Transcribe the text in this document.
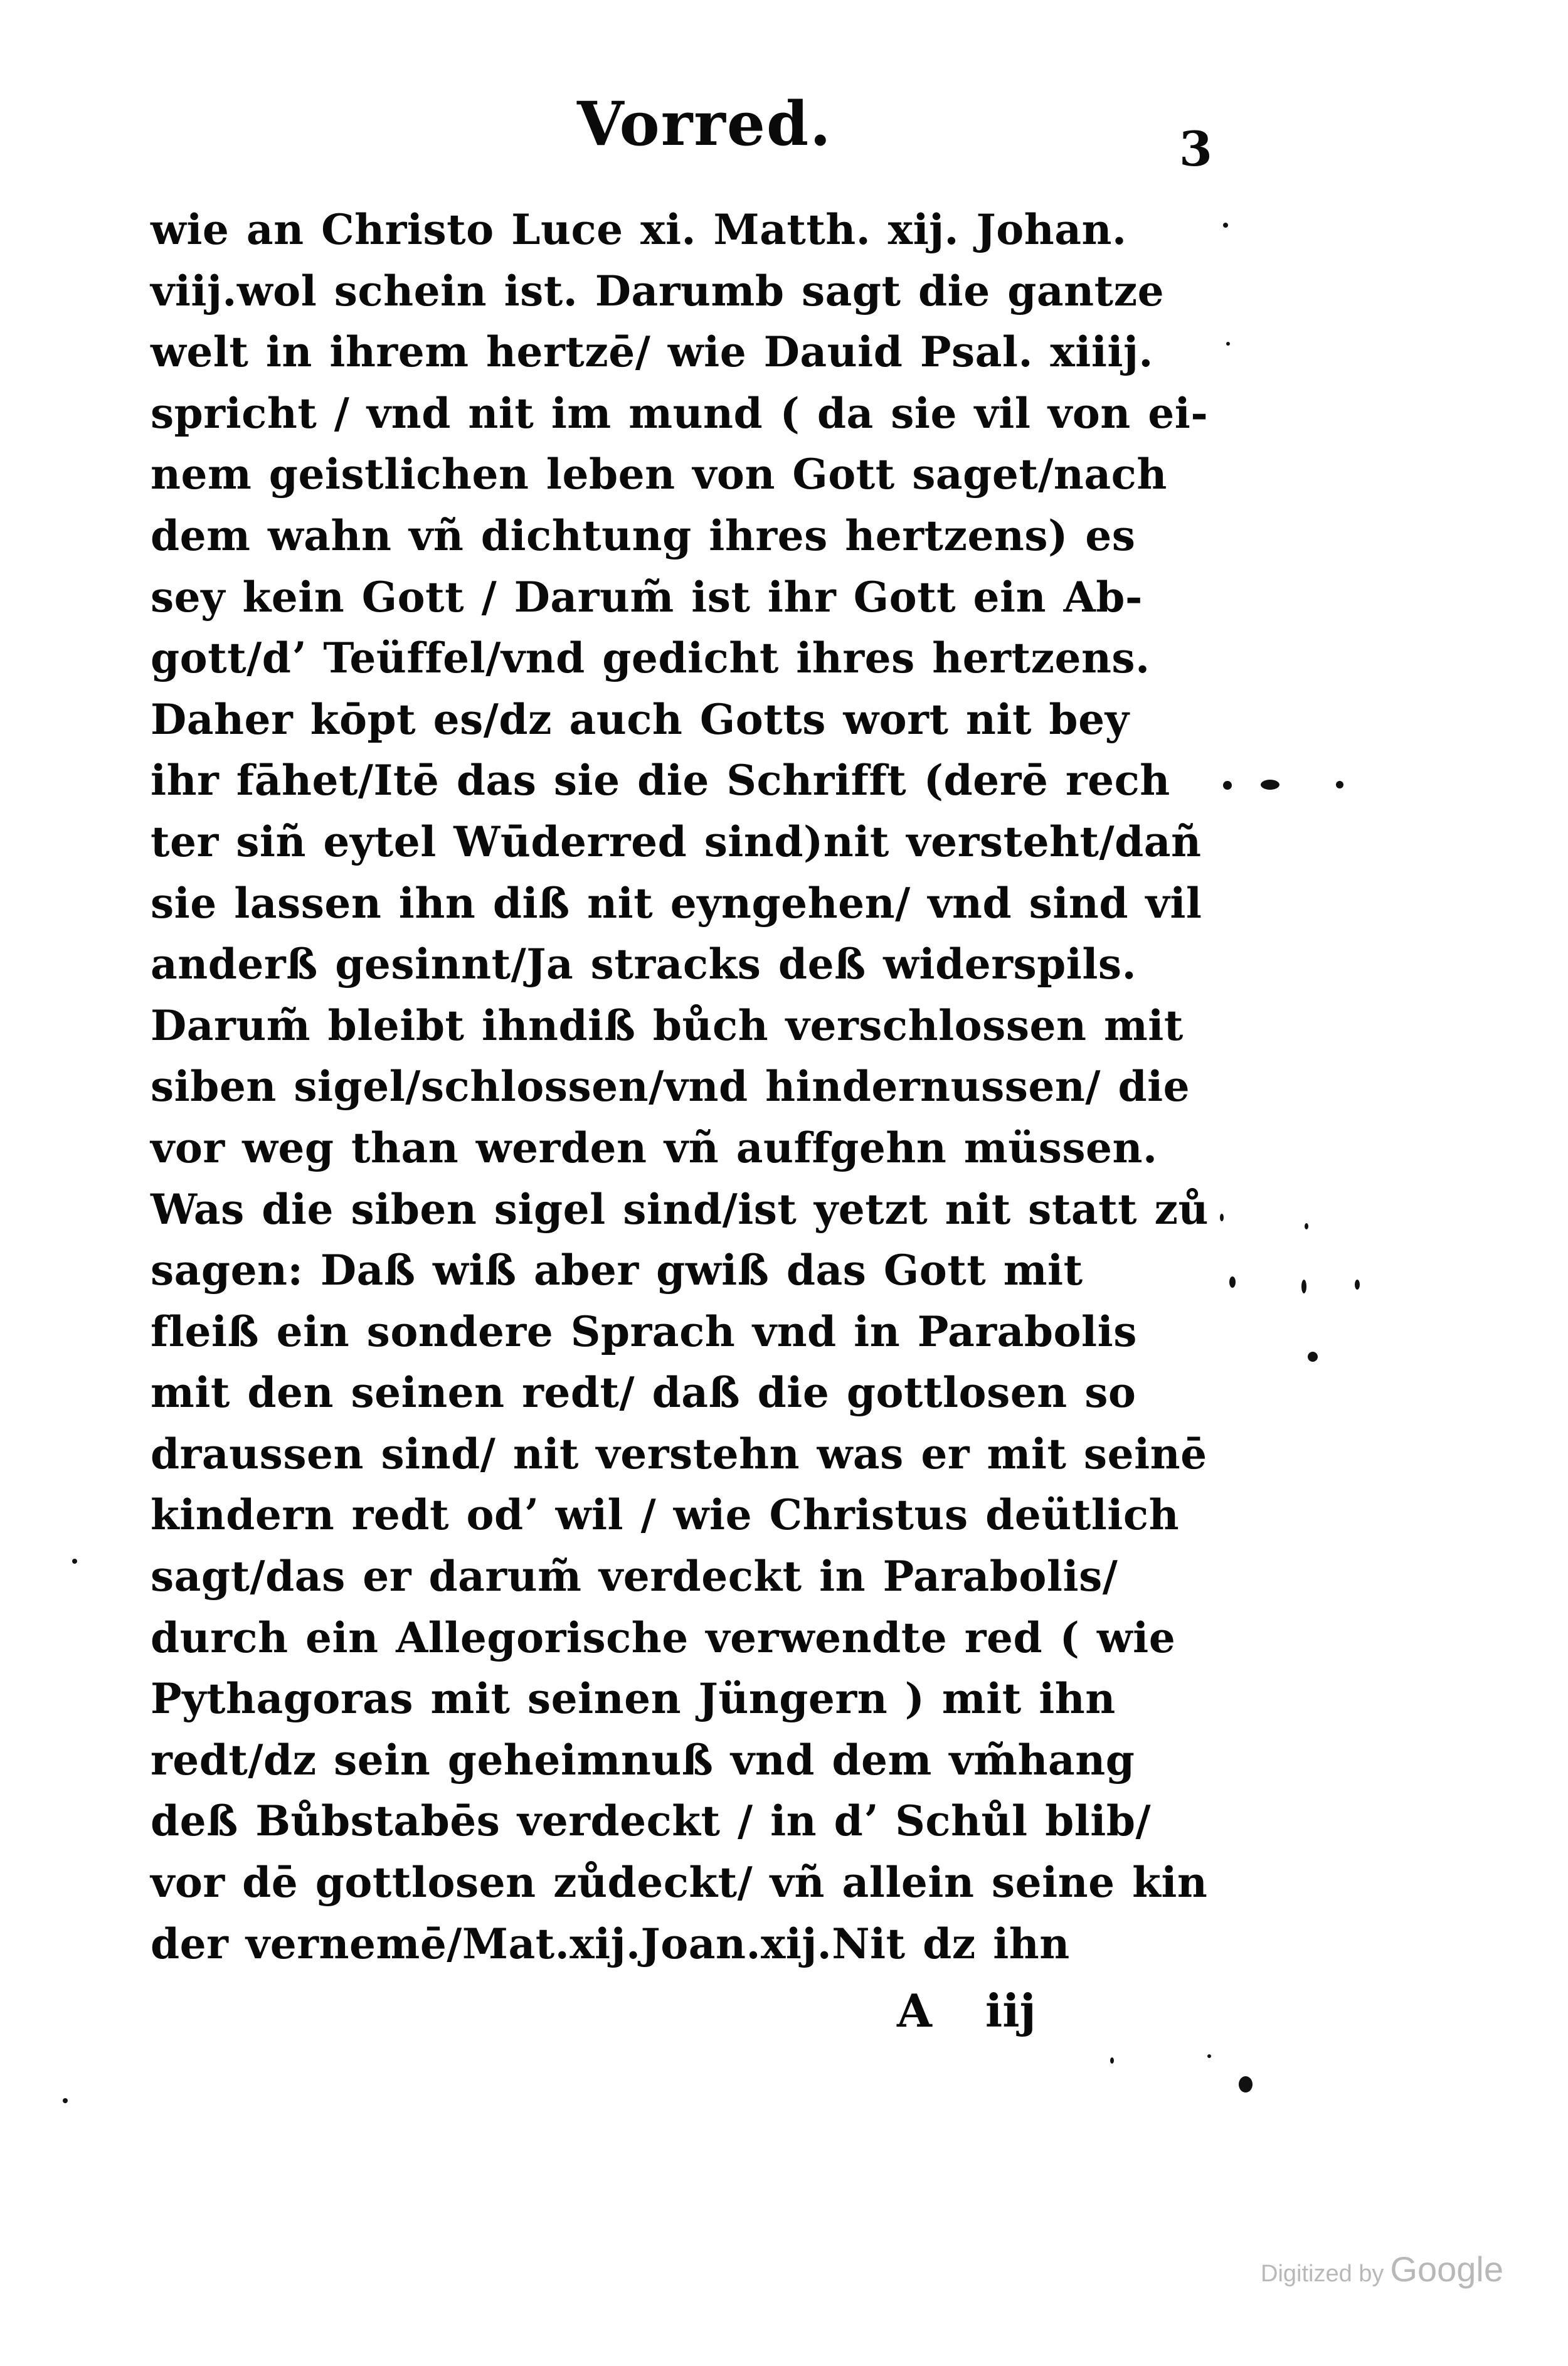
Vorred.	3
wie an Christo Luce xi. Matth. xij. Johan.
viij.wol schein ist. Darumb sagt die gantze
welt in ihrem hertzē/ wie Dauid Psal. xiiij.
spricht / vnd nit im mund ( da sie vil von ei-
nem geistlichen leben von Gott saget/nach
dem wahn vñ dichtung ihres hertzens) es
sey kein Gott / Darum̃ ist ihr Gott ein Ab-
gott/dʼ Teüffel/vnd gedicht ihres hertzens.
Daher kōpt es/dz auch Gotts wort nit bey
ihr fāhet/Itē das sie die Schrifft (derē rech
ter siñ eytel Wūderred sind)nit versteht/dañ
sie lassen ihn diß nit eyngehen/ vnd sind vil
anderß gesinnt/Ja stracks deß widerspils.
Darum̃ bleibt ihndiß bůch verschlossen mit
siben sigel/schlossen/vnd hindernussen/ die
vor weg than werden vñ auffgehn müssen.
Was die siben sigel sind/ist yetzt nit statt zů
sagen: Daß wiß aber gwiß das Gott mit
fleiß ein sondere Sprach vnd in Parabolis
mit den seinen redt/ daß die gottlosen so
draussen sind/ nit verstehn was er mit seinē
kindern redt odʼ wil / wie Christus deütlich
sagt/das er darum̃ verdeckt in Parabolis/
durch ein Allegorische verwendte red ( wie
Pythagoras mit seinen Jüngern ) mit ihn
redt/dz sein geheimnuß vnd dem vm̃hang
deß Bůbstabēs verdeckt / in dʼ Schůl blib/
vor dē gottlosen zůdeckt/ vñ allein seine kin
der vernemē/Mat.xij.Joan.xij.Nit dz ihn
A iij
Digitized by Google
